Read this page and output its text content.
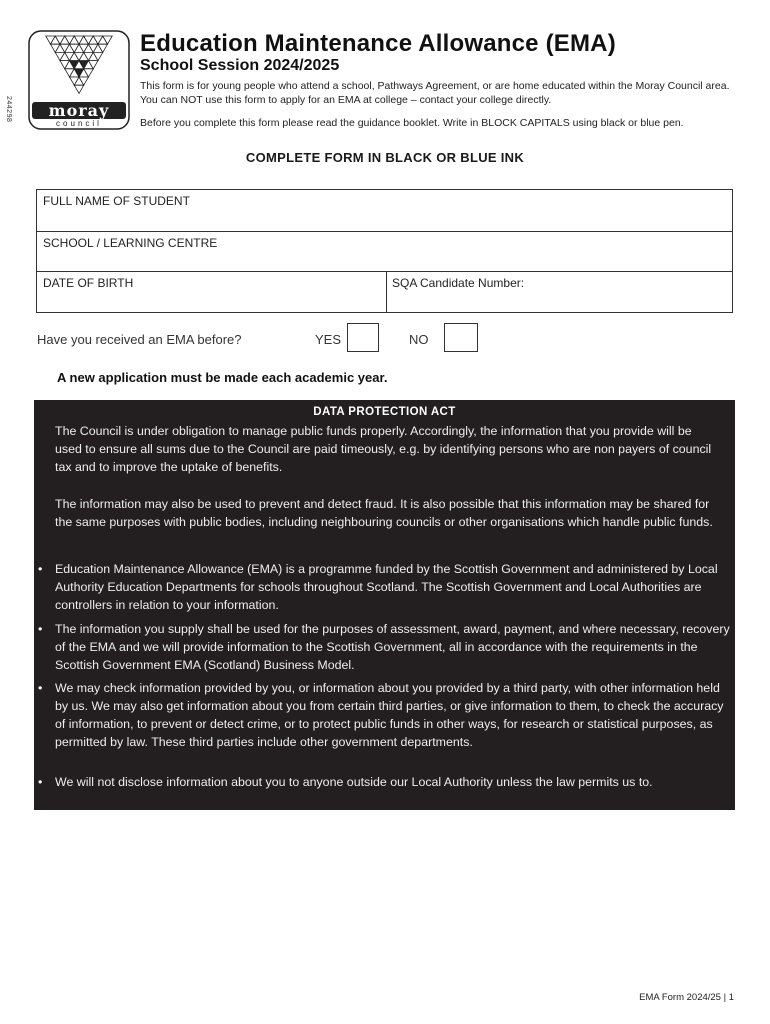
244298 moray
council
Education Maintenance Allowance (EMA)
School Session 2024/2025
This form is for young people who attend a school, Pathways Agreement, or are home educated within the Moray Council area. You can NOT use this form to apply for an EMA at college – contact your college directly.
Before you complete this form please read the guidance booklet. Write in BLOCK CAPITALS using black or blue pen.
COMPLETE FORM IN BLACK OR BLUE INK
FULL NAME OF STUDENT
SCHOOL / LEARNING CENTRE
DATE OF BIRTH	SQA Candidate Number:
Have you received an EMA before?	YES	NO
A new application must be made each academic year.
DATA PROTECTION ACT

The Council is under obligation to manage public funds properly. Accordingly, the information that you provide will be used to ensure all sums due to the Council are paid timeously, e.g. by identifying persons who are non payers of council tax and to improve the uptake of benefits.

The information may also be used to prevent and detect fraud. It is also possible that this information may be shared for the same purposes with public bodies, including neighbouring councils or other organisations which handle public funds.

• Education Maintenance Allowance (EMA) is a programme funded by the Scottish Government and administered by Local Authority Education Departments for schools throughout Scotland. The Scottish Government and Local Authorities are controllers in relation to your information.

• The information you supply shall be used for the purposes of assessment, award, payment, and where necessary, recovery of the EMA and we will provide information to the Scottish Government, all in accordance with the requirements in the Scottish Government EMA (Scotland) Business Model.

• We may check information provided by you, or information about you provided by a third party, with other information held by us. We may also get information about you from certain third parties, or give information to them, to check the accuracy of information, to prevent or detect crime, or to protect public funds in other ways, for research or statistical purposes, as permitted by law. These third parties include other government departments.

• We will not disclose information about you to anyone outside our Local Authority unless the law permits us to.

EMA Form 2024/25 | 1
